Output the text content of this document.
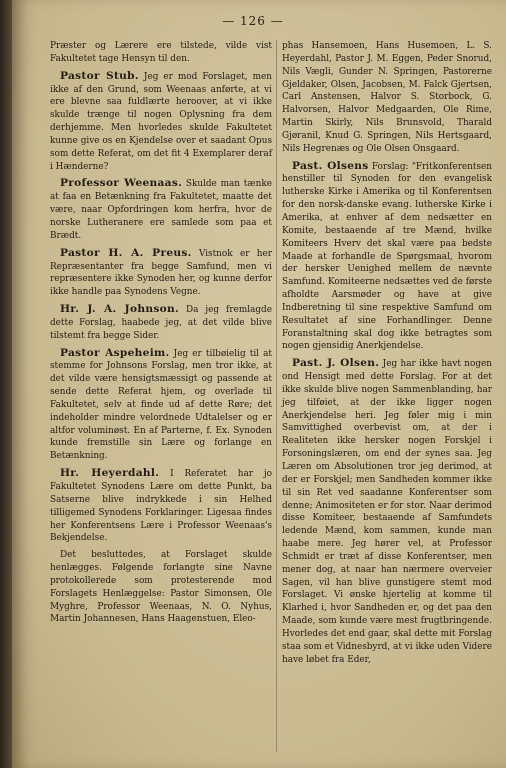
— 126 —

Præster og Lærere ere tilstede, vilde vist Fakultetet tage Hensyn til den.

Pastor Stub. Jeg er mod Forslaget, men ikke af den Grund, som Weenaas anførte, at vi ere blevne saa fuldlærte heroover, at vi ikke skulde trænge til nogen Oplysning fra dem derhjemme. Men hvorledes skulde Fakultetet kunne give os en Kjendelse over et saadant Opus som dette Referat, om det fit 4 Exemplarer deraf i Hænderne?

Professor Weenaas. Skulde man tænke at faa en Betænkning fra Fakultetet, maatte det være, naar Opfordringen kom herfra, hvor de norske Lutheranere ere samlede som paa et Brædt.

Pastor H. A. Preus. Vistnok er her Repræsentanter fra begge Samfund, men vi repræsentere ikke Synoden her, og kunne derfor ikke handle paa Synodens Vegne.

Hr. J. A. Johnson. Da jeg fremlagde dette Forslag, haabede jeg, at det vilde blive tilstemt fra begge Sider.

Pastor Aspeheim. Jeg er tilbøielig til at stemme for Johnsons Forslag, men tror ikke, at det vilde være hensigtsmæssigt og passende at sende dette Referat hjem, og overlade til Fakultetet, selv at finde ud af dette Røre; det indeholder mindre velordnede Udtalelser og er altfor voluminøst. En af Parterne, f. Ex. Synoden kunde fremstille sin Lære og forlange en Betænkning.

Hr. Heyerdahl. I Referatet har jo Fakultetet Synodens Lære om dette Punkt, ba Satserne blive indrykkede i sin Helhed tilligemed Synodens Forklaringer. Ligesaa findes her Konferentsens Lære i Professor Weenaas's Bekjendelse.

Det besluttedes, at Forslaget skulde henlægges. Følgende forlangte sine Navne protokollerede som protesterende mod Forslagets Henlæggelse: Pastor Simonsen, Ole Myghre, Professor Weenaas, N. O. Nyhus, Martin Johannesen, Hans Haagenstuen, Eleo-

phas Hansemoen, Hans Husemoen, L. S. Heyerdahl, Pastor J. M. Eggen, Peder Snorud, Nils Vægli, Gunder N. Springen, Pastorerne Gjeldaker, Olsen, Jacobsen, M. Falck Gjertsen, Carl Anstensen, Halvor S. Storbock, G. Halvorsen, Halvor Medgaarden, Ole Rime, Martin Skirly, Nils Brunsvold, Tharald Gjøranil, Knud G. Springen, Nils Hertsgaard, Nils Hegrenæs og Ole Olsen Onsgaard.

Past. Olsens Forslag: "Fritkonferentsen henstiller til Synoden for den evangelisk lutherske Kirke i Amerika og til Konferentsen for den norsk-danske evang. lutherske Kirke i Amerika, at enhver af dem nedsætter en Komite, bestaaende af tre Mænd, hvilke Komiteers Hverv det skal være paa bedste Maade at forhandle de Spørgsmaal, hvorom der hersker Uenighed mellem de nævnte Samfund. Komiteerne nedsættes ved de første afholdte Aarsmøder og have at give Indberetning til sine respektive Samfund om Resultatet af sine Forhandlinger. Denne Foranstaltning skal dog ikke betragtes som nogen gjensidig Anerkjendelse.

Past. J. Olsen. Jeg har ikke havt nogen ond Hensigt med dette Forslag. For at det ikke skulde blive nogen Sammenblanding, har jeg tilføiet, at der ikke ligger nogen Anerkjendelse heri. Jeg føler mig i min Samvittighed overbevist om, at der i Realiteten ikke hersker nogen Forskjel i Forsoningslæren, om end der synes saa. Jeg Læren om Absolutionen tror jeg derimod, at der er Forskjel; men Sandheden kommer ikke til sin Ret ved saadanne Konferentser som denne; Animositeten er for stor. Naar derimod disse Komiteer, bestaaende af Samfundets ledende Mænd, kom sammen, kunde man haabe mere. Jeg hører vel, at Professor Schmidt er træt af disse Konferentser, men mener dog, at naar han nærmere overveier Sagen, vil han blive gunstigere stemt mod Forslaget. Vi ønske hjertelig at komme til Klarhed i, hvor Sandheden er, og det paa den Maade, som kunde være mest frugtbringende. Hvorledes det end gaar, skal dette mit Forslag staa som et Vidnesbyrd, at vi ikke uden Videre have løbet fra Eder,
